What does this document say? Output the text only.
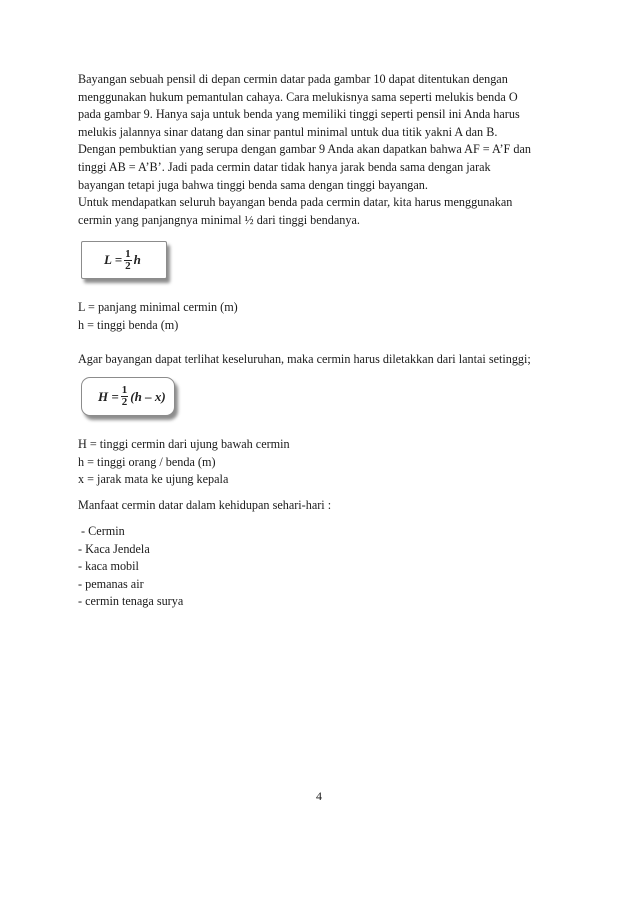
Bayangan sebuah pensil di depan cermin datar pada gambar 10 dapat ditentukan dengan
menggunakan hukum pemantulan cahaya. Cara melukisnya sama seperti melukis benda O
pada gambar 9. Hanya saja untuk benda yang memiliki tinggi seperti pensil ini Anda harus
melukis jalannya sinar datang dan sinar pantul minimal untuk dua titik yakni A dan B.
Dengan pembuktian yang serupa dengan gambar 9 Anda akan dapatkan bahwa AF = A’F dan
tinggi AB = A’B’. Jadi pada cermin datar tidak hanya jarak benda sama dengan jarak
bayangan tetapi juga bahwa tinggi benda sama dengan tinggi bayangan.
Untuk mendapatkan seluruh bayangan benda pada cermin datar, kita harus menggunakan
cermin yang panjangnya minimal ½ dari tinggi bendanya.
$L = \frac{1}{2}$ h
L = panjang minimal cermin (m)
h = tinggi benda (m)
Agar bayangan dapat terlihat keseluruhan, maka cermin harus diletakkan dari lantai setinggi;
$H = \frac{1}{2} (h - x)$
H = tinggi cermin dari ujung bawah cermin
h = tinggi orang / benda (m)
x = jarak mata ke ujung kepala
Manfaat cermin datar dalam kehidupan sehari-hari :
- Cermin
- Kaca Jendela
- kaca mobil
- pemanas air
- cermin tenaga surya
4
